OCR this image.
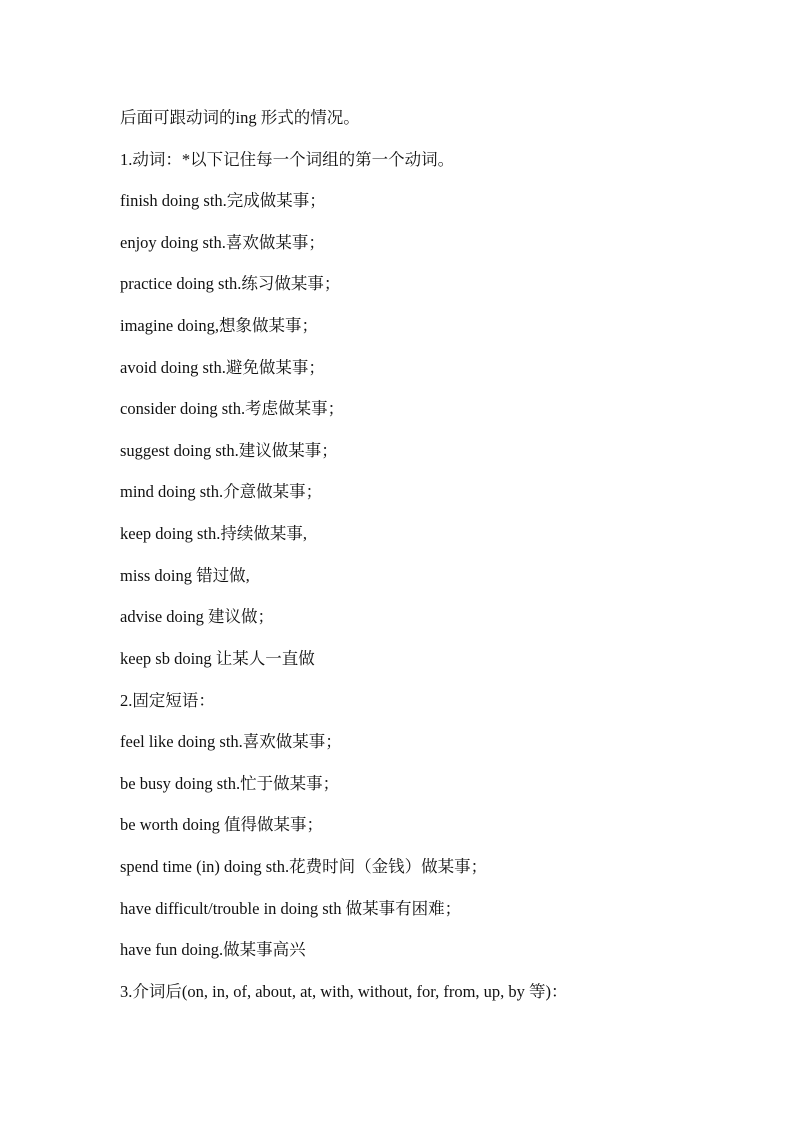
后面可跟动词的ing 形式的情况。

1.动词：*以下记住每一个词组的第一个动词。

finish doing sth.完成做某事；

enjoy doing sth.喜欢做某事；

practice doing sth.练习做某事；

imagine doing,想象做某事；

avoid doing sth.避免做某事；

consider doing sth.考虑做某事；

suggest doing sth.建议做某事；

mind doing sth.介意做某事；

keep doing sth.持续做某事,

miss doing 错过做,

advise doing 建议做；

keep sb doing 让某人一直做

2.固定短语：

feel like doing sth.喜欢做某事；

be busy doing sth.忙于做某事；

be worth doing 值得做某事；

spend time (in) doing sth.花费时间（金钱）做某事；

have difficult/trouble in doing sth 做某事有困难；

have fun doing.做某事高兴

3.介词后(on, in, of, about, at, with, without, for, from, up, by 等)：
